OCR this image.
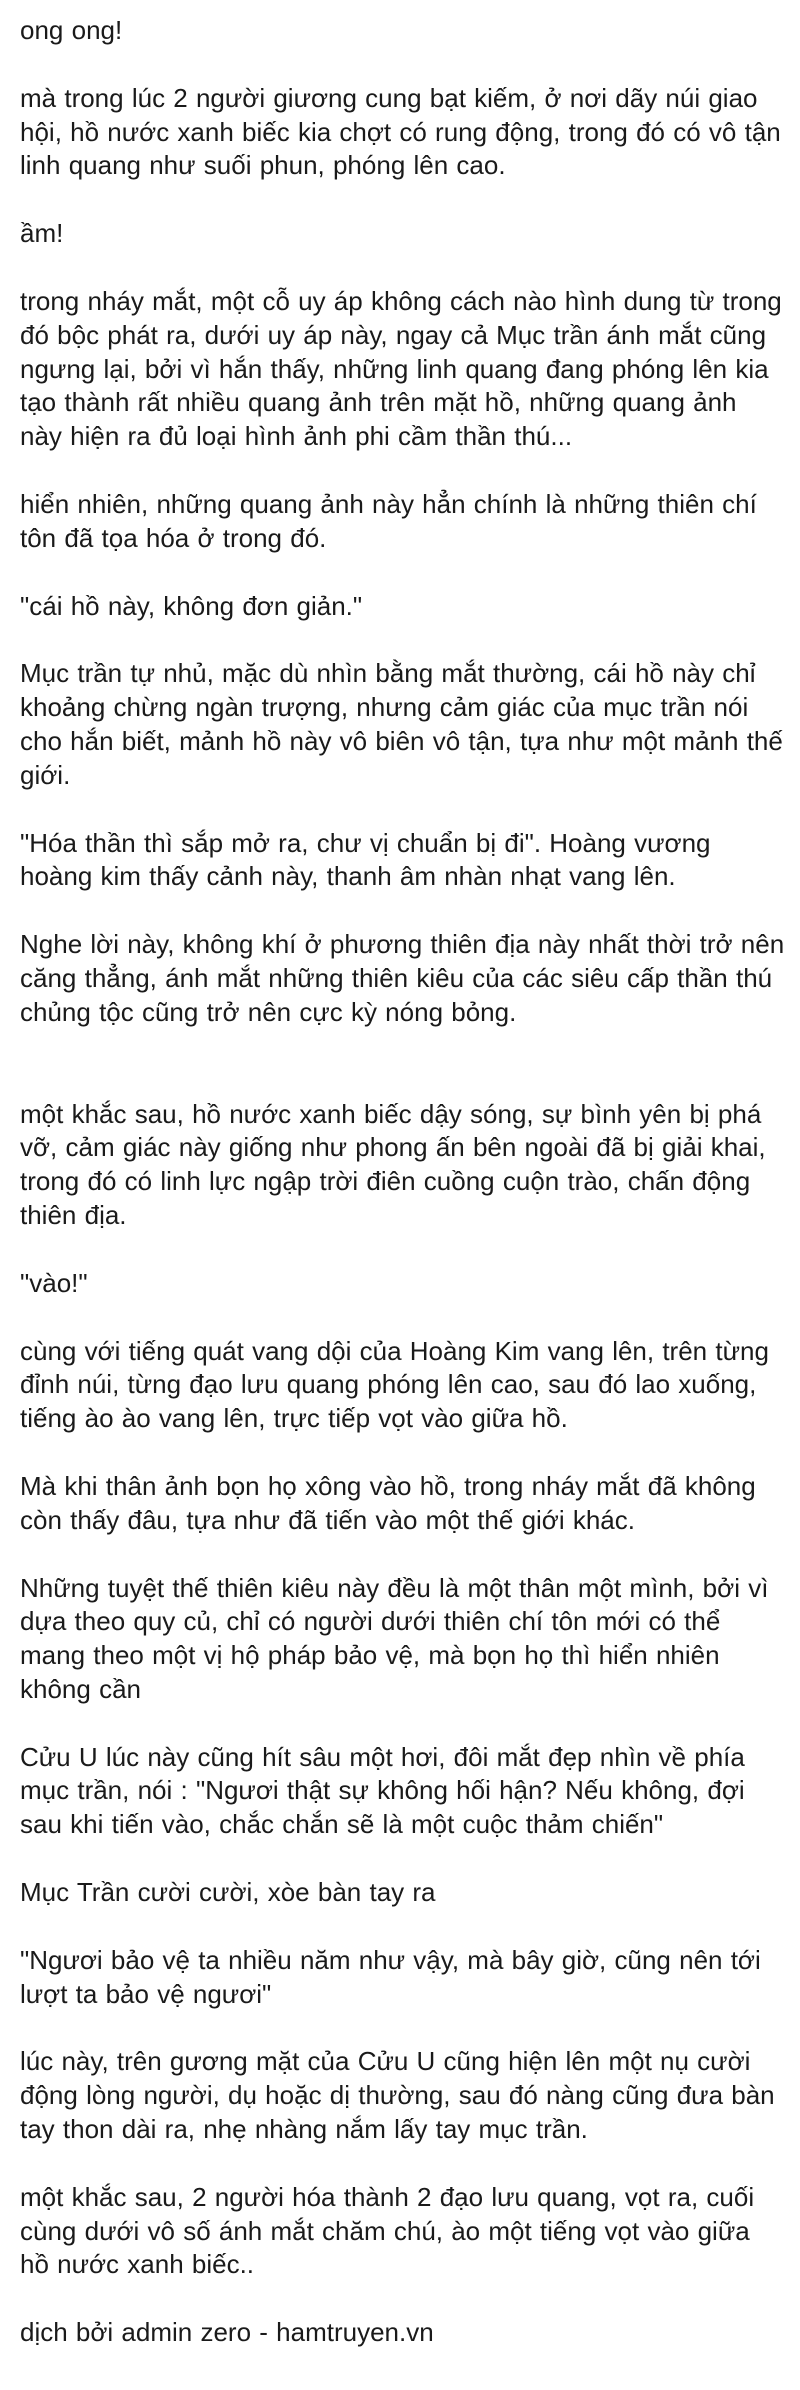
ong ong!

mà trong lúc 2 người giương cung bạt kiếm, ở nơi dãy núi giao hội, hồ nước xanh biếc kia chợt có rung động, trong đó có vô tận linh quang như suối phun, phóng lên cao.

ầm!

trong nháy mắt, một cỗ uy áp không cách nào hình dung từ trong đó bộc phát ra, dưới uy áp này, ngay cả Mục trần ánh mắt cũng ngưng lại, bởi vì hắn thấy, những linh quang đang phóng lên kia tạo thành rất nhiều quang ảnh trên mặt hồ, những quang ảnh này hiện ra đủ loại hình ảnh phi cầm thần thú...

hiển nhiên, những quang ảnh này hẳn chính là những thiên chí tôn đã tọa hóa ở trong đó.

"cái hồ này, không đơn giản."

Mục trần tự nhủ, mặc dù nhìn bằng mắt thường, cái hồ này chỉ khoảng chừng ngàn trượng, nhưng cảm giác của mục trần nói cho hắn biết, mảnh hồ này vô biên vô tận, tựa như một mảnh thế giới.

"Hóa thần thì sắp mở ra, chư vị chuẩn bị đi". Hoàng vương hoàng kim thấy cảnh này, thanh âm nhàn nhạt vang lên.

Nghe lời này, không khí ở phương thiên địa này nhất thời trở nên căng thẳng, ánh mắt những thiên kiêu của các siêu cấp thần thú chủng tộc cũng trở nên cực kỳ nóng bỏng.

một khắc sau, hồ nước xanh biếc dậy sóng, sự bình yên bị phá vỡ, cảm giác này giống như phong ấn bên ngoài đã bị giải khai, trong đó có linh lực ngập trời điên cuồng cuộn trào, chấn động thiên địa.

"vào!"

cùng với tiếng quát vang dội của Hoàng Kim vang lên, trên từng đỉnh núi, từng đạo lưu quang phóng lên cao, sau đó lao xuống, tiếng ào ào vang lên, trực tiếp vọt vào giữa hồ.

Mà khi thân ảnh bọn họ xông vào hồ, trong nháy mắt đã không còn thấy đâu, tựa như đã tiến vào một thế giới khác.

Những tuyệt thế thiên kiêu này đều là một thân một mình, bởi vì dựa theo quy củ, chỉ có người dưới thiên chí tôn mới có thể mang theo một vị hộ pháp bảo vệ, mà bọn họ thì hiển nhiên không cần

Cửu U lúc này cũng hít sâu một hơi, đôi mắt đẹp nhìn về phía mục trần, nói : "Ngươi thật sự không hối hận? Nếu không, đợi sau khi tiến vào, chắc chắn sẽ là một cuộc thảm chiến"

Mục Trần cười cười, xòe bàn tay ra

"Ngươi bảo vệ ta nhiều năm như vậy, mà bây giờ, cũng nên tới lượt ta bảo vệ ngươi"

lúc này, trên gương mặt của Cửu U cũng hiện lên một nụ cười động lòng người, dụ hoặc dị thường, sau đó nàng cũng đưa bàn tay thon dài ra, nhẹ nhàng nắm lấy tay mục trần.

một khắc sau, 2 người hóa thành 2 đạo lưu quang, vọt ra, cuối cùng dưới vô số ánh mắt chăm chú, ào một tiếng vọt vào giữa hồ nước xanh biếc..

dịch bởi admin zero - hamtruyen.vn
